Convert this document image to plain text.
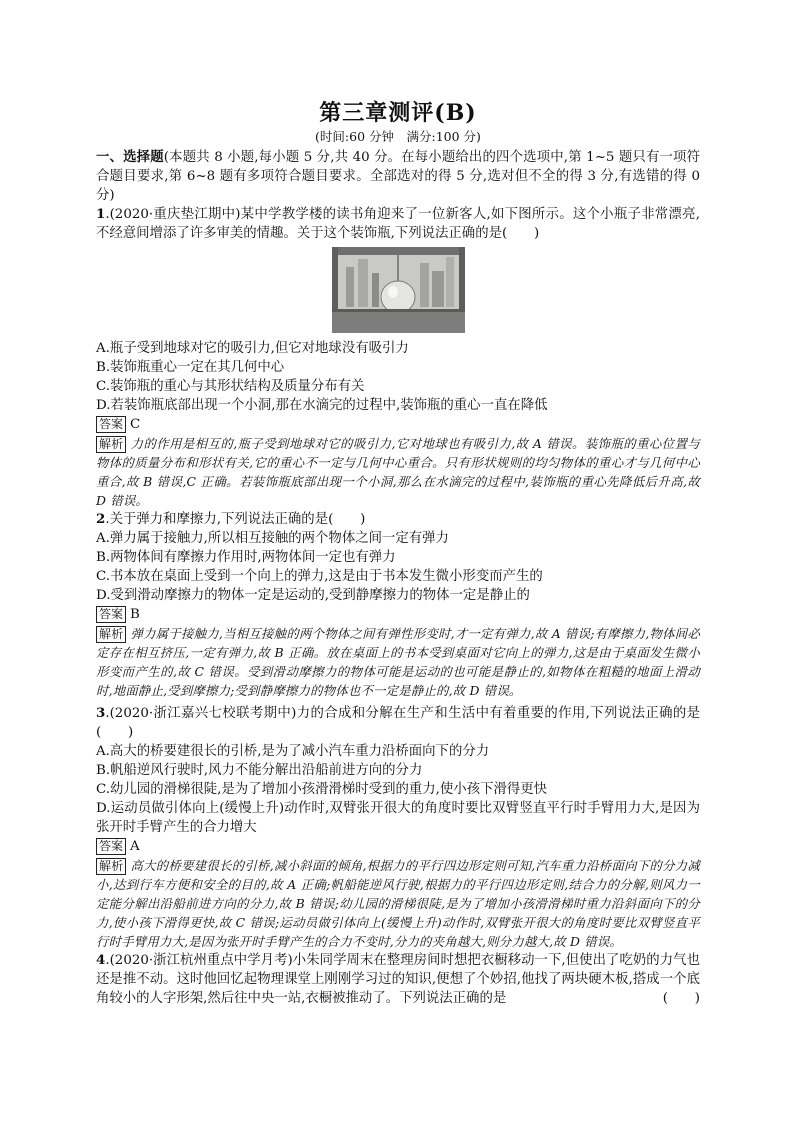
第三章测评(B)

(时间:60 分钟　满分:100 分)

一、选择题(本题共 8 小题,每小题 5 分,共 40 分。在每小题给出的四个选项中,第 1~5 题只有一项符合题目要求,第 6~8 题有多项符合题目要求。全部选对的得 5 分,选对但不全的得 3 分,有选错的得 0 分)

1.(2020·重庆垫江期中)某中学教学楼的读书角迎来了一位新客人,如下图所示。这个小瓶子非常漂亮,不经意间增添了许多审美的情趣。关于这个装饰瓶,下列说法正确的是(　　)

A.瓶子受到地球对它的吸引力,但它对地球没有吸引力

B.装饰瓶重心一定在其几何中心

C.装饰瓶的重心与其形状结构及质量分布有关

D.若装饰瓶底部出现一个小洞,那在水滴完的过程中,装饰瓶的重心一直在降低

答案 C

解析 力的作用是相互的,瓶子受到地球对它的吸引力,它对地球也有吸引力,故 A 错误。装饰瓶的重心位置与物体的质量分布和形状有关,它的重心不一定与几何中心重合。只有形状规则的均匀物体的重心才与几何中心重合,故 B 错误,C 正确。若装饰瓶底部出现一个小洞,那么在水滴完的过程中,装饰瓶的重心先降低后升高,故 D 错误。

2.关于弹力和摩擦力,下列说法正确的是(　　)

A.弹力属于接触力,所以相互接触的两个物体之间一定有弹力

B.两物体间有摩擦力作用时,两物体间一定也有弹力

C.书本放在桌面上受到一个向上的弹力,这是由于书本发生微小形变而产生的

D.受到滑动摩擦力的物体一定是运动的,受到静摩擦力的物体一定是静止的

答案 B

解析 弹力属于接触力,当相互接触的两个物体之间有弹性形变时,才一定有弹力,故 A 错误;有摩擦力,物体间必定存在相互挤压,一定有弹力,故 B 正确。放在桌面上的书本受到桌面对它向上的弹力,这是由于桌面发生微小形变而产生的,故 C 错误。受到滑动摩擦力的物体可能是运动的也可能是静止的,如物体在粗糙的地面上滑动时,地面静止,受到摩擦力;受到静摩擦力的物体也不一定是静止的,故 D 错误。

3.(2020·浙江嘉兴七校联考期中)力的合成和分解在生产和生活中有着重要的作用,下列说法正确的是(　　)

A.高大的桥要建很长的引桥,是为了减小汽车重力沿桥面向下的分力

B.帆船逆风行驶时,风力不能分解出沿船前进方向的分力

C.幼儿园的滑梯很陡,是为了增加小孩滑滑梯时受到的重力,使小孩下滑得更快

D.运动员做引体向上(缓慢上升)动作时,双臂张开很大的角度时要比双臂竖直平行时手臂用力大,是因为张开时手臂产生的合力增大

答案 A

解析 高大的桥要建很长的引桥,减小斜面的倾角,根据力的平行四边形定则可知,汽车重力沿桥面向下的分力减小,达到行车方便和安全的目的,故 A 正确;帆船能逆风行驶,根据力的平行四边形定则,结合力的分解,则风力一定能分解出沿船前进方向的分力,故 B 错误;幼儿园的滑梯很陡,是为了增加小孩滑滑梯时重力沿斜面向下的分力,使小孩下滑得更快,故 C 错误;运动员做引体向上(缓慢上升)动作时,双臂张开很大的角度时要比双臂竖直平行时手臂用力大,是因为张开时手臂产生的合力不变时,分力的夹角越大,则分力越大,故 D 错误。

4.(2020·浙江杭州重点中学月考)小朱同学周末在整理房间时想把衣橱移动一下,但使出了吃奶的力气也还是推不动。这时他回忆起物理课堂上刚刚学习过的知识,便想了个妙招,他找了两块硬木板,搭成一个底角较小的人字形架,然后往中央一站,衣橱被推动了。下列说法正确的是	(　　)
